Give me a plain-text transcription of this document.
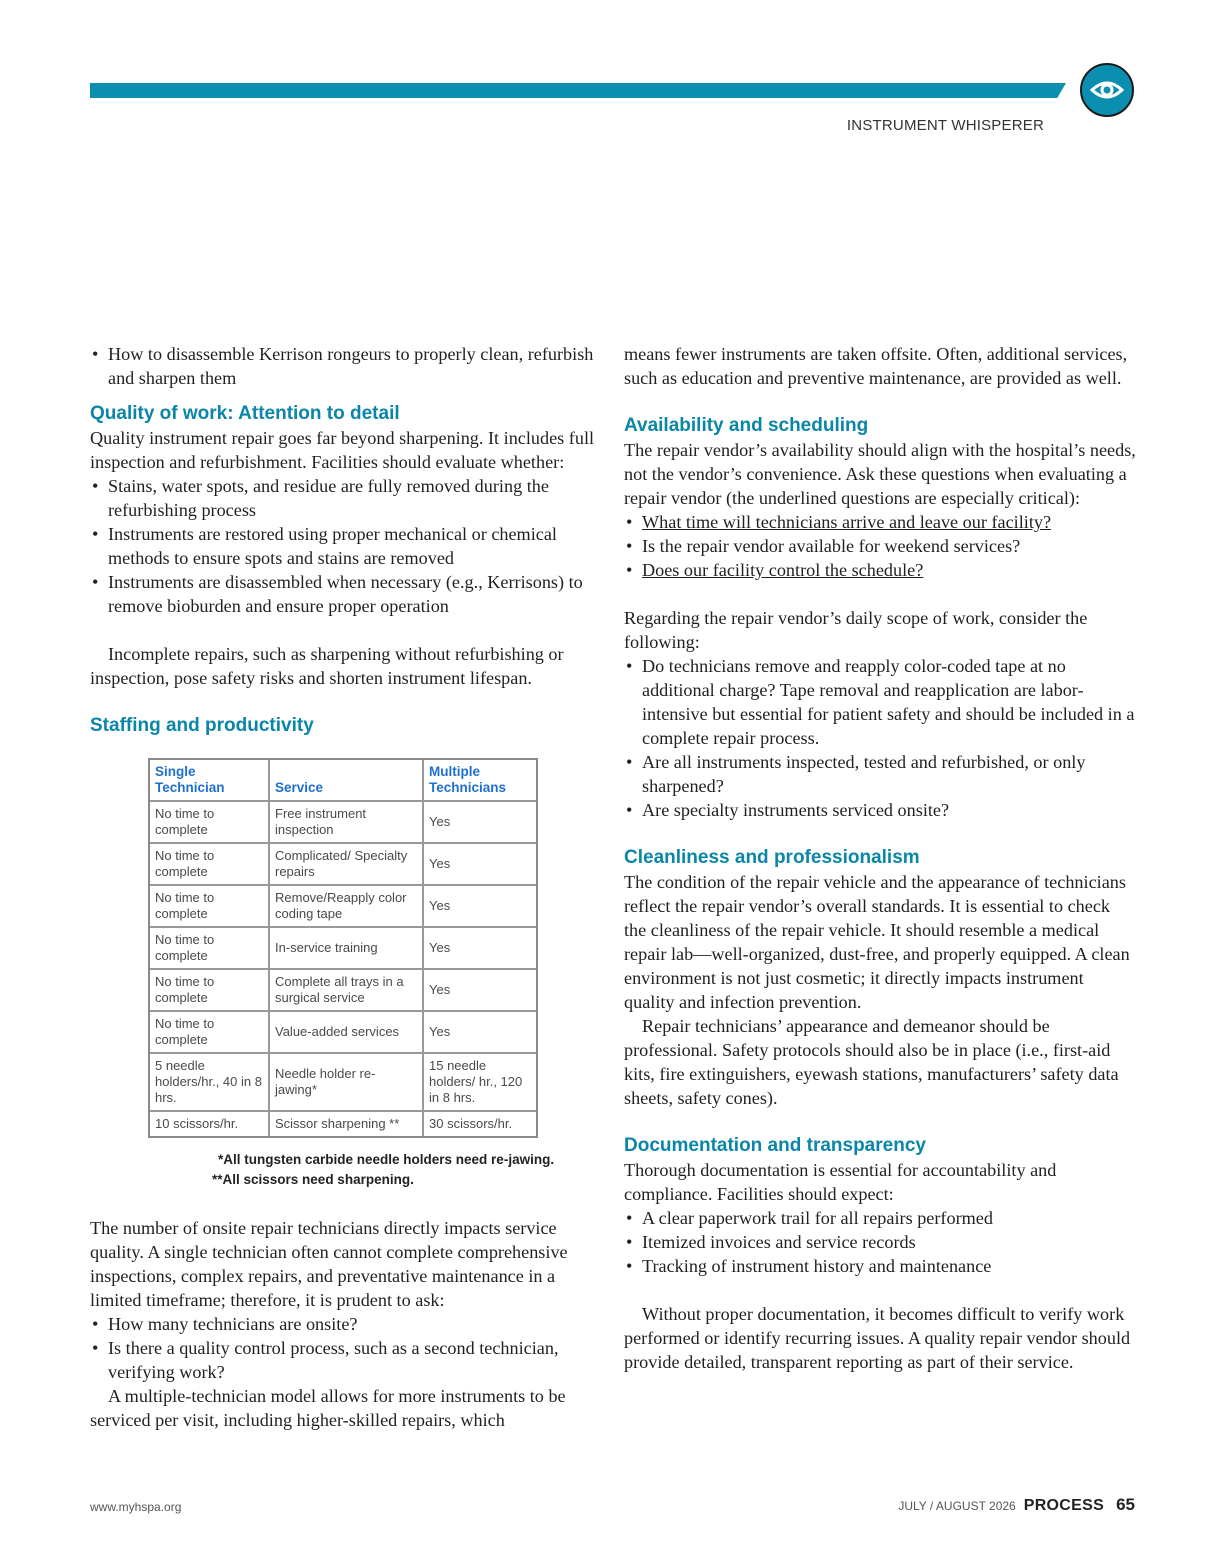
INSTRUMENT WHISPERER
• How to disassemble Kerrison rongeurs to properly clean, refurbish and sharpen them
Quality of work: Attention to detail

Quality instrument repair goes far beyond sharpening. It includes full inspection and refurbishment. Facilities should evaluate whether:

• Stains, water spots, and residue are fully removed during the refurbishing process
• Instruments are restored using proper mechanical or chemical methods to ensure spots and stains are removed
• Instruments are disassembled when necessary (e.g., Kerrisons) to remove bioburden and ensure proper operation

Incomplete repairs, such as sharpening without refurbishing or inspection, pose safety risks and shorten instrument lifespan.

Staffing and productivity
Single Technician	Service	Multiple Technicians
No time to complete	Free instrument inspection	Yes
No time to complete	Complicated/ Specialty repairs	Yes
No time to complete	Remove/Reapply color coding tape	Yes
No time to complete	In-service training	Yes
No time to complete	Complete all trays in a surgical service	Yes
No time to complete	Value-added services	Yes
5 needle holders/hr., 40 in 8 hrs.	Needle holder re-jawing*	15 needle holders/ hr., 120 in 8 hrs.
10 scissors/hr.	Scissor sharpening **	30 scissors/hr.
*All tungsten carbide needle holders need re-jawing.
**All scissors need sharpening.

The number of onsite repair technicians directly impacts service quality. A single technician often cannot complete comprehensive inspections, complex repairs, and preventative maintenance in a limited timeframe; therefore, it is prudent to ask:

• How many technicians are onsite?
• Is there a quality control process, such as a second technician, verifying work?

A multiple-technician model allows for more instruments to be serviced per visit, including higher-skilled repairs, which

means fewer instruments are taken offsite. Often, additional services, such as education and preventive maintenance, are provided as well.

Availability and scheduling

The repair vendor’s availability should align with the hospital’s needs, not the vendor’s convenience. Ask these questions when evaluating a repair vendor (the underlined questions are especially critical):

• What time will technicians arrive and leave our facility?
• Is the repair vendor available for weekend services?
• Does our facility control the schedule?

Regarding the repair vendor’s daily scope of work, consider the following:

• Do technicians remove and reapply color-coded tape at no additional charge? Tape removal and reapplication are labor-intensive but essential for patient safety and should be included in a complete repair process.
• Are all instruments inspected, tested and refurbished, or only sharpened?
• Are specialty instruments serviced onsite?
Cleanliness and professionalism

The condition of the repair vehicle and the appearance of technicians reflect the repair vendor’s overall standards. It is essential to check the cleanliness of the repair vehicle. It should resemble a medical repair lab—well-organized, dust-free, and properly equipped. A clean environment is not just cosmetic; it directly impacts instrument quality and infection prevention.

Repair technicians’ appearance and demeanor should be professional. Safety protocols should also be in place (i.e., first-aid kits, fire extinguishers, eyewash stations, manufacturers’ safety data sheets, safety cones).

Documentation and transparency

Thorough documentation is essential for accountability and compliance. Facilities should expect:

• A clear paperwork trail for all repairs performed
• Itemized invoices and service records
• Tracking of instrument history and maintenance

Without proper documentation, it becomes difficult to verify work performed or identify recurring issues. A quality repair vendor should provide detailed, transparent reporting as part of their service.

www.myhspa.org	JULY / AUGUST 2026 PROCESS 65
